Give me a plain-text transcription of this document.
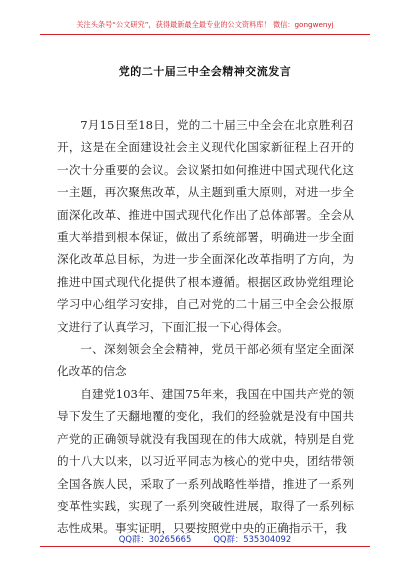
关注头条号“公文研究”，获得最新最全最专业的公文资料库！ 微信：gongwenyj
党的二十届三中全会精神交流发言

7月15日至18日，党的二十届三中全会在北京胜利召开，这是在全面建设社会主义现代化国家新征程上召开的一次十分重要的会议。会议紧扣如何推进中国式现代化这一主题，再次聚焦改革，从主题到重大原则，对进一步全面深化改革、推进中国式现代化作出了总体部署。全会从重大举措到根本保证，做出了系统部署，明确进一步全面深化改革总目标，为进一步全面深化改革指明了方向，为推进中国式现代化提供了根本遵循。根据区政协党组理论学习中心组学习安排，自己对党的二十届三中全会公报原文进行了认真学习，下面汇报一下心得体会。

一、深刻领会全会精神，党员干部必须有坚定全面深化改革的信念

自建党103年、建国75年来，我国在中国共产党的领导下发生了天翻地覆的变化，我们的经验就是没有中国共产党的正确领导就没有我国现在的伟大成就，特别是自党的十八大以来，以习近平同志为核心的党中央，团结带领全国各族人民，采取了一系列战略性举措，推进了一系列变革性实践，实现了一系列突破性进展，取得了一系列标志性成果。事实证明，只要按照党中央的正确指示干，我

QQ群：30265665	QQ群：535304092
